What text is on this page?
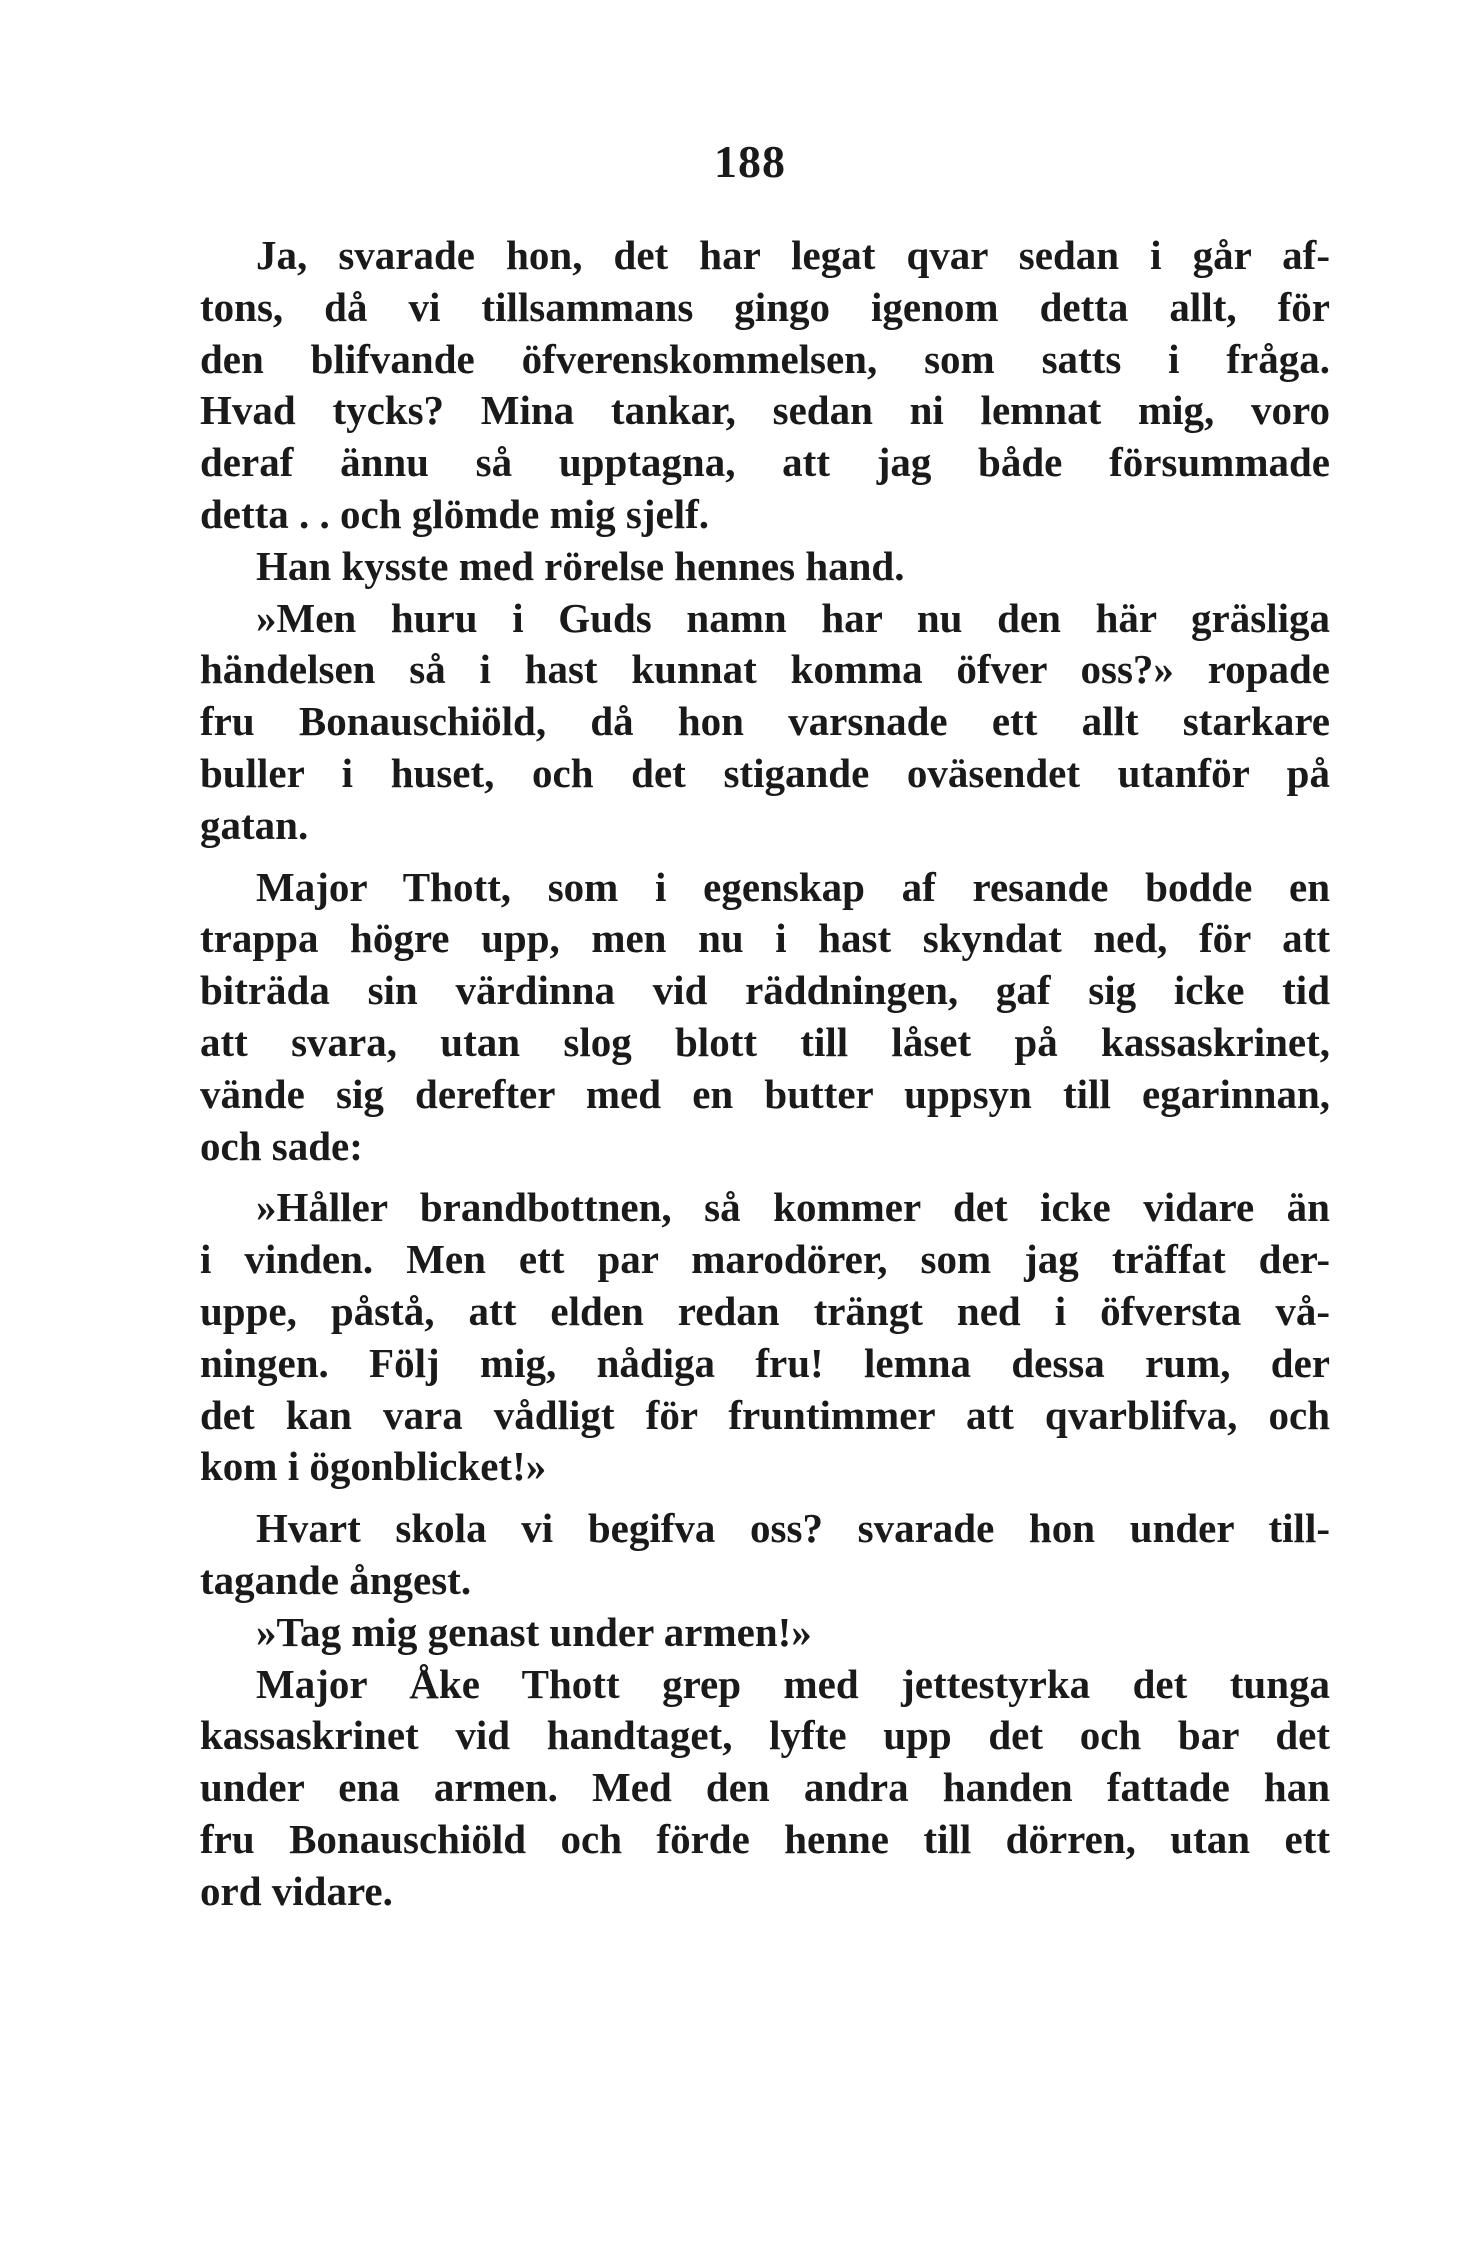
188
Ja, svarade hon, det har legat qvar sedan i går af-
tons, då vi tillsammans gingo igenom detta allt, för
den blifvande öfverenskommelsen, som satts i fråga.
Hvad tycks? Mina tankar, sedan ni lemnat mig, voro
deraf ännu så upptagna, att jag både försummade
detta . . och glömde mig sjelf.
Han kysste med rörelse hennes hand.
»Men huru i Guds namn har nu den här gräsliga
händelsen så i hast kunnat komma öfver oss?» ropade
fru Bonauschiöld, då hon varsnade ett allt starkare
buller i huset, och det stigande oväsendet utanför på
gatan.
Major Thott, som i egenskap af resande bodde en
trappa högre upp, men nu i hast skyndat ned, för att
biträda sin värdinna vid räddningen, gaf sig icke tid
att svara, utan slog blott till låset på kassaskrinet,
vände sig derefter med en butter uppsyn till egarinnan,
och sade:
»Håller brandbottnen, så kommer det icke vidare än
i vinden. Men ett par marodörer, som jag träffat der-
uppe, påstå, att elden redan trängt ned i öfversta vå-
ningen. Följ mig, nådiga fru! lemna dessa rum, der
det kan vara vådligt för fruntimmer att qvarblifva, och
kom i ögonblicket!»
Hvart skola vi begifva oss? svarade hon under till-
tagande ångest.
»Tag mig genast under armen!»
Major Åke Thott grep med jettestyrka det tunga
kassaskrinet vid handtaget, lyfte upp det och bar det
under ena armen. Med den andra handen fattade han
fru Bonauschiöld och förde henne till dörren, utan ett
ord vidare.
